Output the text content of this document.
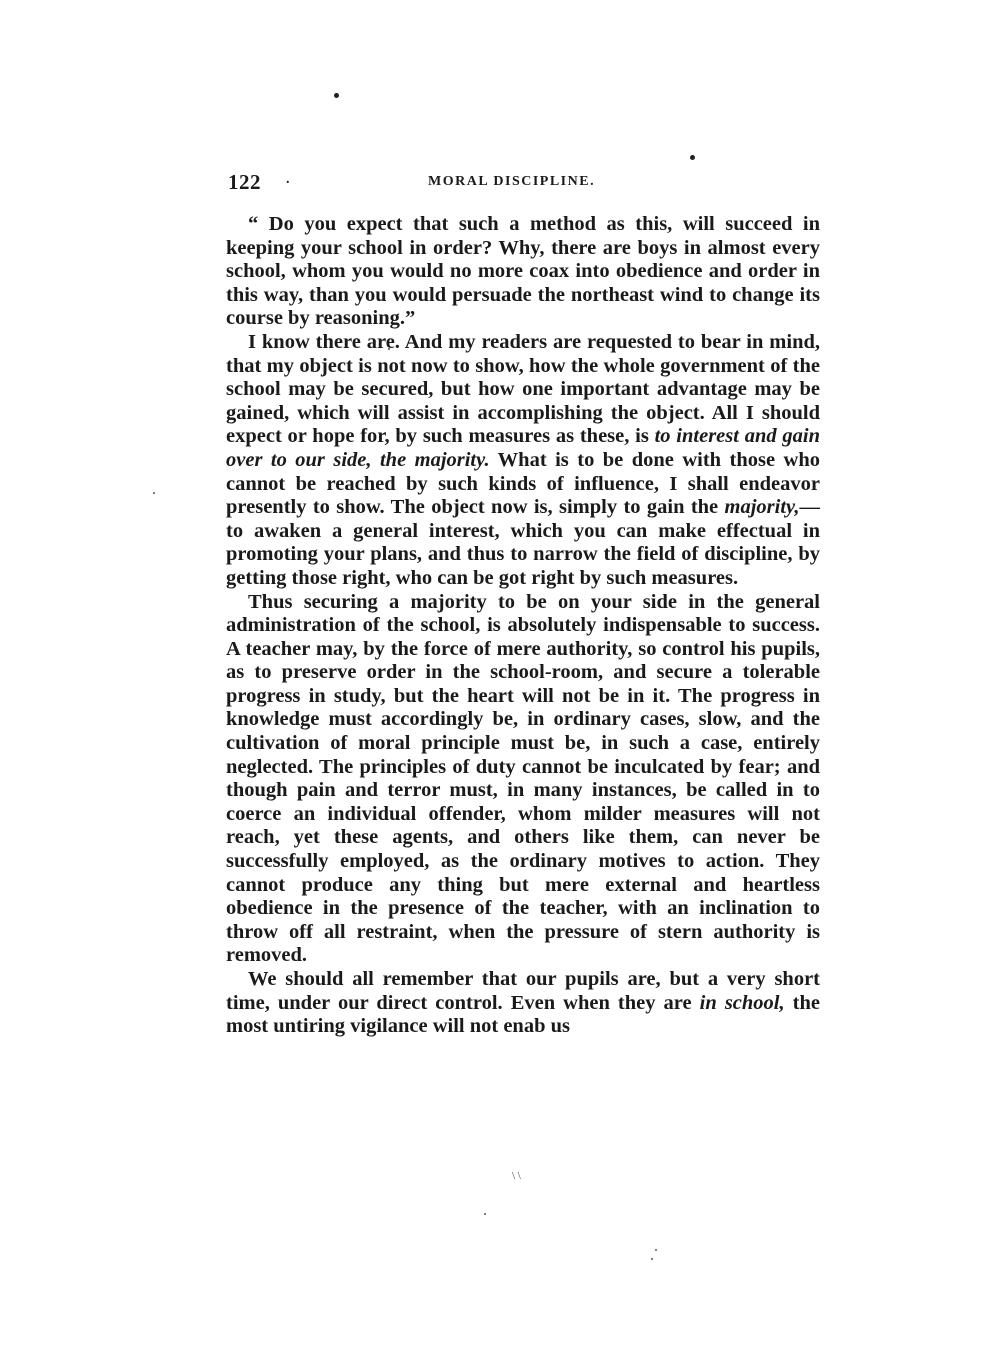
122 .	MORAL DISCIPLINE.

“ Do you expect that such a method as this, will succeed in keeping your school in order? Why, there are boys in almost every school, whom you would no more coax into obedience and order in this way, than you would persuade the northeast wind to change its course by reasoning.”

I know there are. And my readers are requested to bear in mind, that my object is not now to show, how the whole government of the school may be secured, but how one important advantage may be gained, which will assist in accomplishing the object. All I should expect or hope for, by such measures as these, is to interest and gain over to our side, the majority. What is to be done with those who cannot be reached by such kinds of influence, I shall endeavor presently to show. The object now is, simply to gain the majority,—to awaken a general interest, which you can make effectual in promoting your plans, and thus to narrow the field of discipline, by getting those right, who can be got right by such measures.

Thus securing a majority to be on your side in the general administration of the school, is absolutely indispensable to success. A teacher may, by the force of mere authority, so control his pupils, as to preserve order in the school-room, and secure a tolerable progress in study, but the heart will not be in it. The progress in knowledge must accordingly be, in ordinary cases, slow, and the cultivation of moral principle must be, in such a case, entirely neglected. The principles of duty cannot be inculcated by fear; and though pain and terror must, in many instances, be called in to coerce an individual offender, whom milder measures will not reach, yet these agents, and others like them, can never be successfully employed, as the ordinary motives to action. They cannot produce any thing but mere external and heartless obedience in the presence of the teacher, with an inclination to throw off all restraint, when the pressure of stern authority is removed.

We should all remember that our pupils are, but a very short time, under our direct control. Even when they are in school, the most untiring vigilance will not enab us

\ \
